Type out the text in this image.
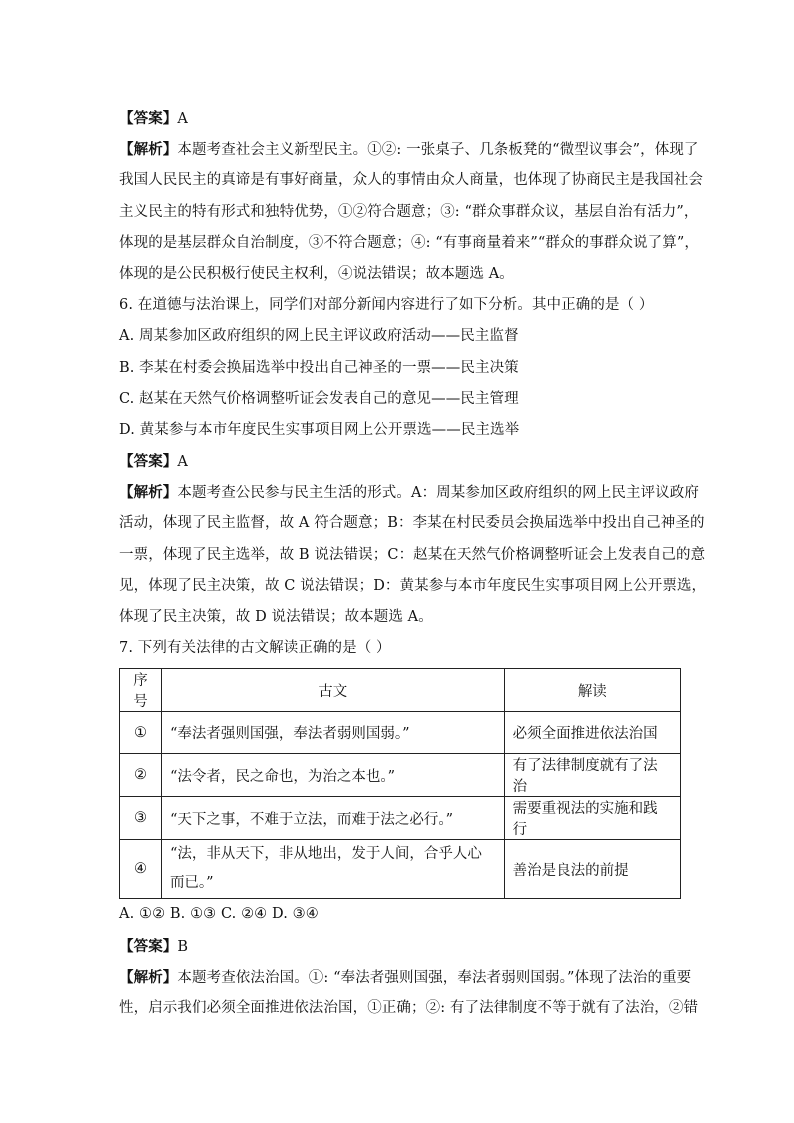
【答案】A
【解析】本题考查社会主义新型民主。①②: 一张桌子、几条板凳的“微型议事会”，体现了
我国人民民主的真谛是有事好商量，众人的事情由众人商量，也体现了协商民主是我国社会
主义民主的特有形式和独特优势，①②符合题意；③: “群众事群众议，基层自治有活力”，
体现的是基层群众自治制度，③不符合题意；④: “有事商量着来”“群众的事群众说了算”，
体现的是公民积极行使民主权利，④说法错误；故本题选 A。
6. 在道德与法治课上，同学们对部分新闻内容进行了如下分析。其中正确的是（ ）
A. 周某参加区政府组织的网上民主评议政府活动——民主监督
B. 李某在村委会换届选举中投出自己神圣的一票——民主决策
C. 赵某在天然气价格调整听证会发表自己的意见——民主管理
D. 黄某参与本市年度民生实事项目网上公开票选——民主选举
【答案】A
【解析】本题考查公民参与民主生活的形式。A：周某参加区政府组织的网上民主评议政府
活动，体现了民主监督，故 A 符合题意；B：李某在村民委员会换届选举中投出自己神圣的
一票，体现了民主选举，故 B 说法错误；C：赵某在天然气价格调整听证会上发表自己的意
见，体现了民主决策，故 C 说法错误；D：黄某参与本市年度民生实事项目网上公开票选，
体现了民主决策，故 D 说法错误；故本题选 A。
7. 下列有关法律的古文解读正确的是（ ）
序号	古文	解读
①	“奉法者强则国强，奉法者弱则国弱。”	必须全面推进依法治国
②	“法令者，民之命也，为治之本也。”	有了法律制度就有了法治
③	“天下之事，不难于立法，而难于法之必行。”	需要重视法的实施和践行
④	“法，非从天下，非从地出，发于人间，合乎人心而已。”	善治是良法的前提
A. ①② B. ①③ C. ②④ D. ③④
【答案】B
【解析】本题考查依法治国。①: “奉法者强则国强，奉法者弱则国弱。”体现了法治的重要
性，启示我们必须全面推进依法治国，①正确；②: 有了法律制度不等于就有了法治，②错
